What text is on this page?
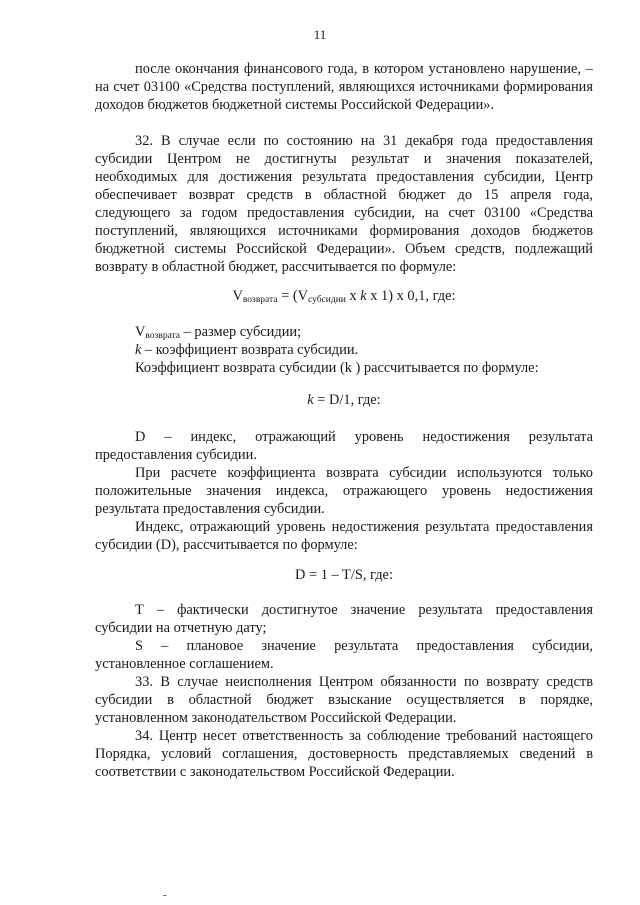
11

после окончания финансового года, в котором установлено нарушение, – на счет 03100 «Средства поступлений, являющихся источниками формирования доходов бюджетов бюджетной системы Российской Федерации».

32. В случае если по состоянию на 31 декабря года предоставления субсидии Центром не достигнуты результат и значения показателей, необходимых для достижения результата предоставления субсидии, Центр обеспечивает возврат средств в областной бюджет до 15 апреля года, следующего за годом предоставления субсидии, на счет 03100 «Средства поступлений, являющихся источниками формирования доходов бюджетов бюджетной системы Российской Федерации». Объем средств, подлежащий возврату в областной бюджет, рассчитывается по формуле:

$V_{возврата} = (V_{субсидии}$ x k x 1) x 0,1, где:

$V_{возврата}$ – размер субсидии;

k – коэффициент возврата субсидии.

Коэффициент возврата субсидии (k ) рассчитывается по формуле:

k = D/1, где:

D – индекс, отражающий уровень недостижения результата предоставления субсидии.

При расчете коэффициента возврата субсидии используются только положительные значения индекса, отражающего уровень недостижения результата предоставления субсидии.

Индекс, отражающий уровень недостижения результата предоставления субсидии (D), рассчитывается по формуле:

D = 1 – T/S, где:

Т – фактически достигнутое значение результата предоставления субсидии на отчетную дату;

S – плановое значение результата предоставления субсидии, установленное соглашением.

33. В случае неисполнения Центром обязанности по возврату средств субсидии в областной бюджет взыскание осуществляется в порядке, установленном законодательством Российской Федерации.

34. Центр несет ответственность за соблюдение требований настоящего Порядка, условий соглашения, достоверность представляемых сведений в соответствии с законодательством Российской Федерации.

-
